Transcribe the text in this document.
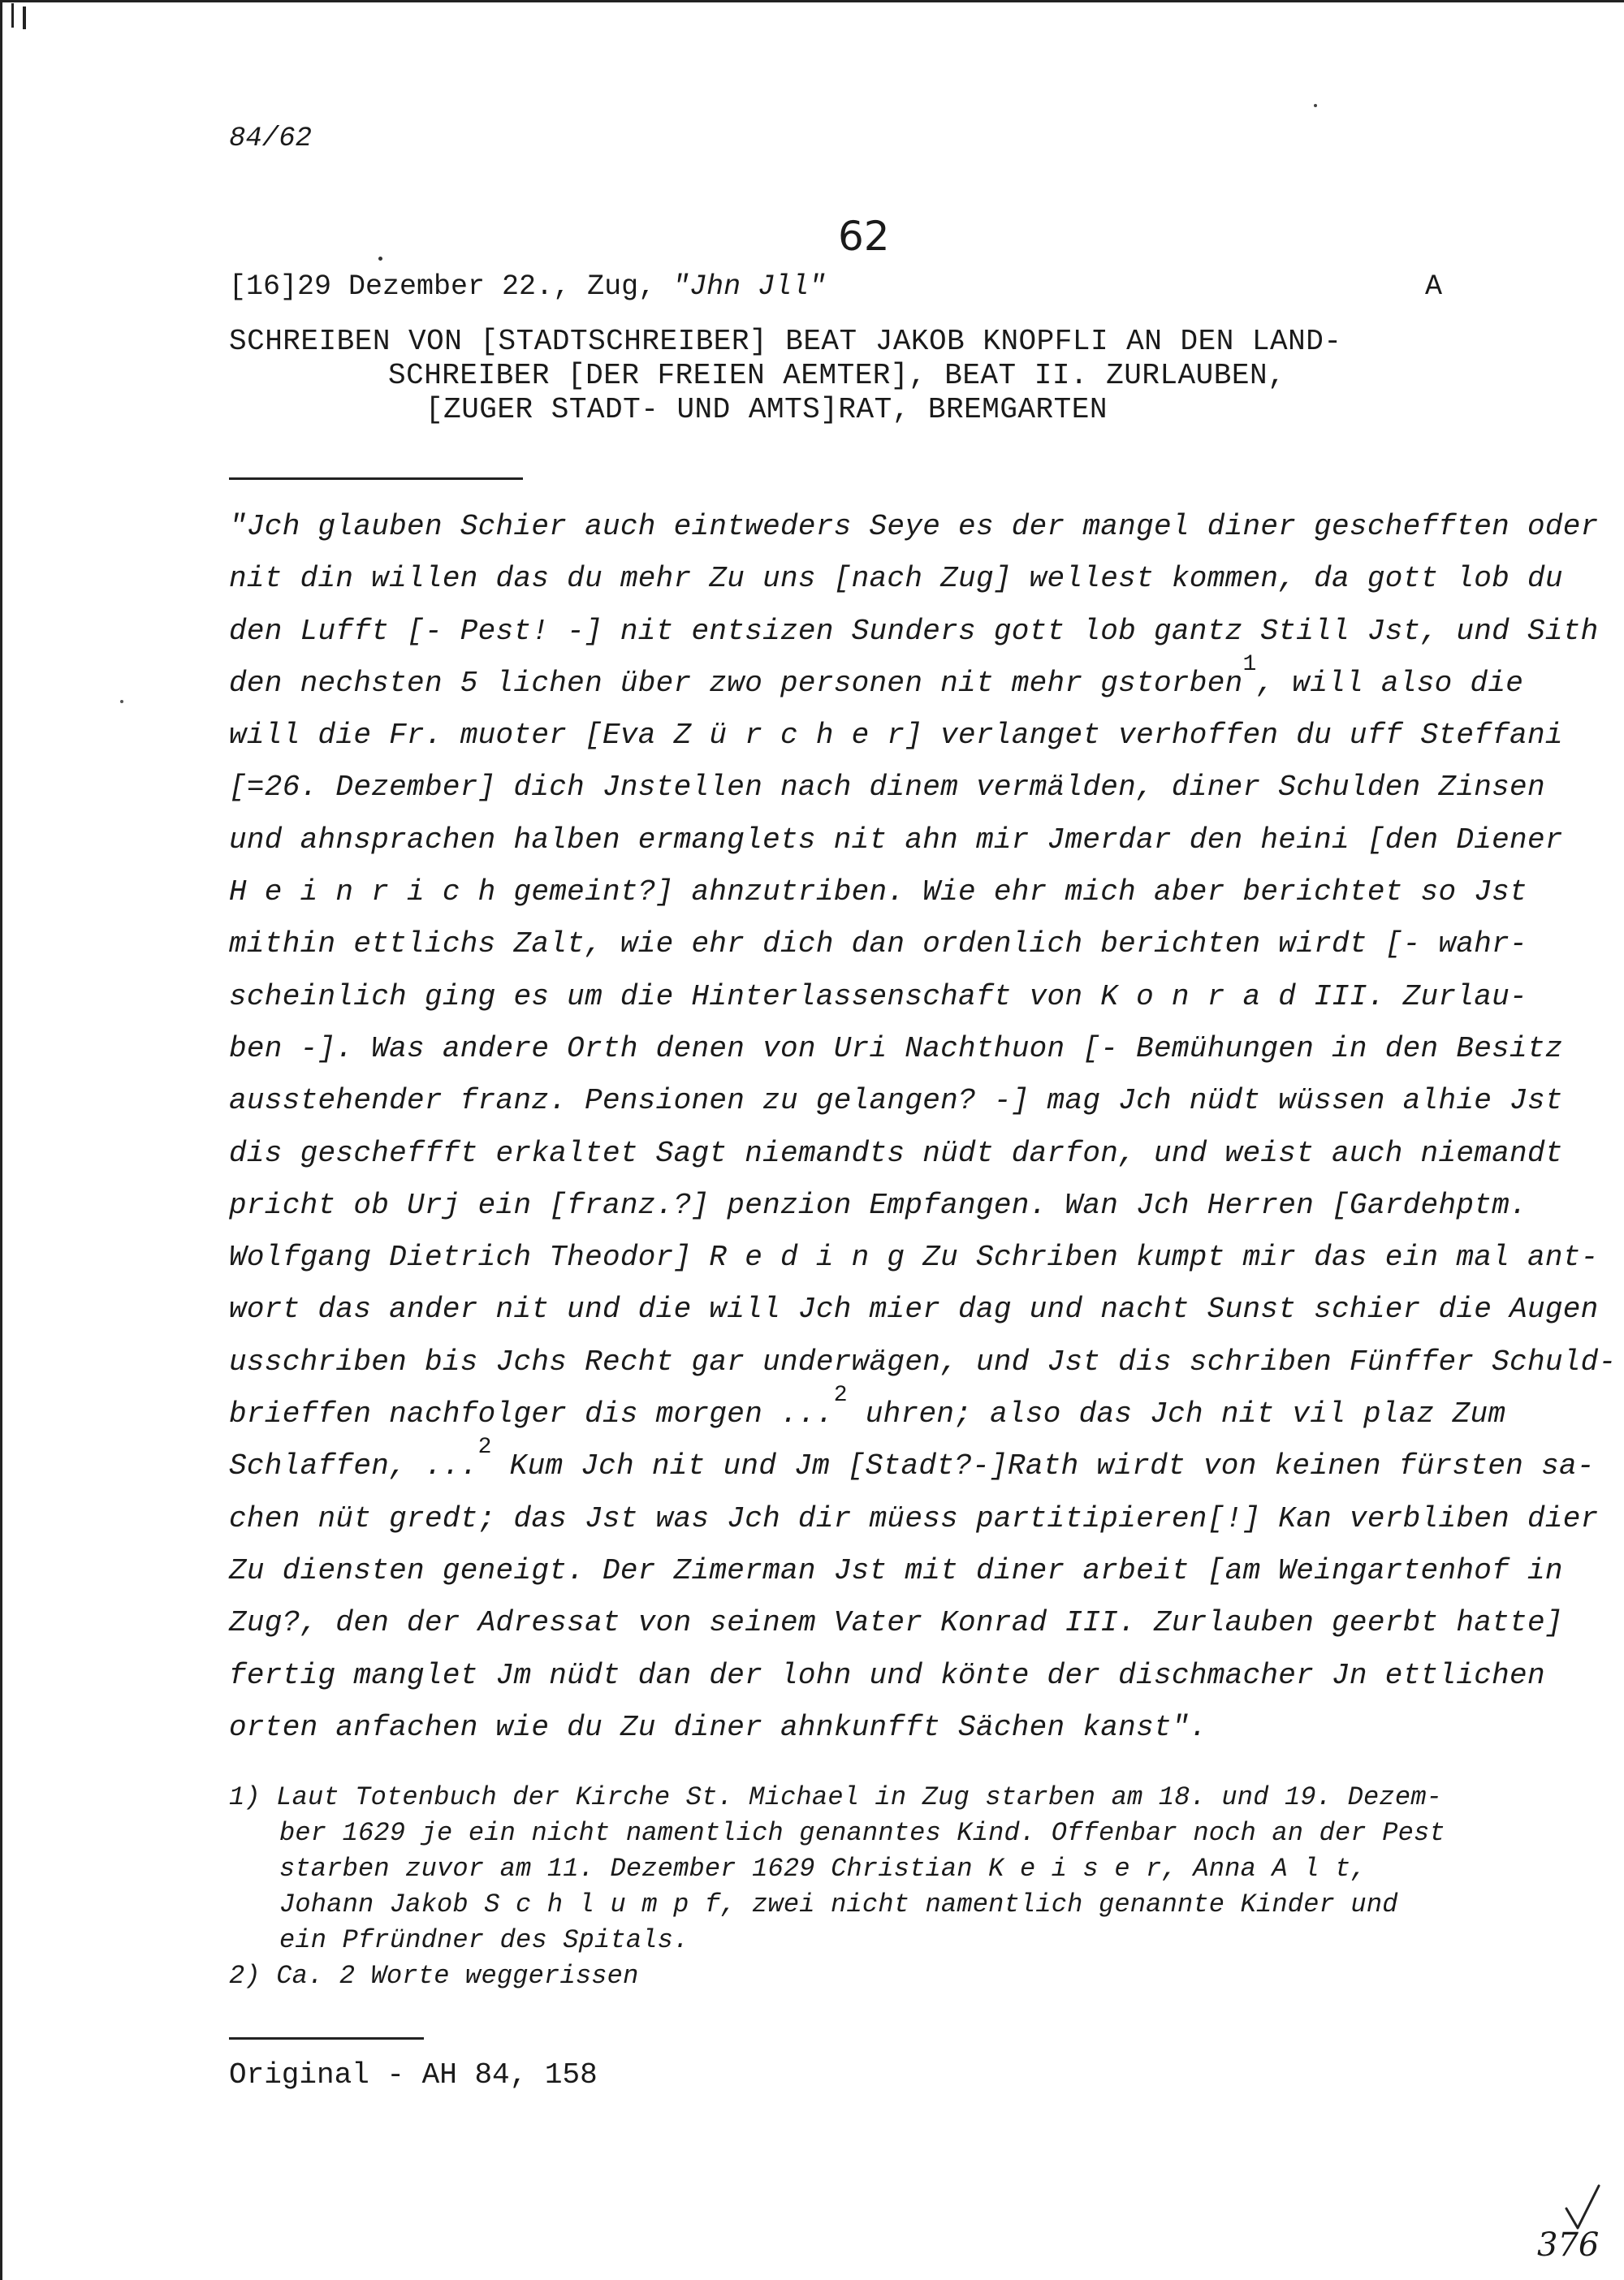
84/62
62
[16]29 Dezember 22., Zug, "Jhn Jll"	A
SCHREIBEN VON [STADTSCHREIBER] BEAT JAKOB KNOPFLI AN DEN LAND-
SCHREIBER [DER FREIEN AEMTER], BEAT II. ZURLAUBEN,
[ZUGER STADT- UND AMTS]RAT, BREMGARTEN
"Jch glauben Schier auch eintweders Seye es der mangel diner geschefften oder
nit din willen das du mehr Zu uns [nach Zug] wellest kommen, da gott lob du
den Lufft [- Pest! -] nit entsizen Sunders gott lob gantz Still Jst, und Sith
den nechsten 5 lichen über zwo personen nit mehr gstorben$^1$, will also die
will die Fr. muoter [Eva Z ü r c h e r] verlanget verhoffen du uff Steffani
[=26. Dezember] dich Jnstellen nach dinem vermälden, diner Schulden Zinsen
und ahnsprachen halben ermanglets nit ahn mir Jmerdar den heini [den Diener
H e i n r i c h gemeint?] ahnzutriben. Wie ehr mich aber berichtet so Jst
mithin ettlichs Zalt, wie ehr dich dan ordenlich berichten wirdt [- wahr-
scheinlich ging es um die Hinterlassenschaft von K o n r a d III. Zurlau-
ben -]. Was andere Orth denen von Uri Nachthuon [- Bemühungen in den Besitz
ausstehender franz. Pensionen zu gelangen? -] mag Jch nüdt wüssen alhie Jst
dis gescheffft erkaltet Sagt niemandts nüdt darfon, und weist auch niemandt
pricht ob Urj ein [franz.?] penzion Empfangen. Wan Jch Herren [Gardehptm.
Wolfgang Dietrich Theodor] R e d i n g Zu Schriben kumpt mir das ein mal ant-
wort das ander nit und die will Jch mier dag und nacht Sunst schier die Augen
usschriben bis Jchs Recht gar underwägen, und Jst dis schriben Fünffer Schuld-
brieffen nachfolger dis morgen ...$^2$ uhren; also das Jch nit vil plaz Zum
Schlaffen, ...$^2$ Kum Jch nit und Jm [Stadt?-]Rath wirdt von keinen fürsten sa-
chen nüt gredt; das Jst was Jch dir müess partitipieren[!] Kan verbliben dier
Zu diensten geneigt. Der Zimerman Jst mit diner arbeit [am Weingartenhof in
Zug?, den der Adressat von seinem Vater Konrad III. Zurlauben geerbt hatte]
fertig manglet Jm nüdt dan der lohn und könte der dischmacher Jn ettlichen
orten anfachen wie du Zu diner ahnkunfft Sächen kanst".
1) Laut Totenbuch der Kirche St. Michael in Zug starben am 18. und 19. Dezem-
ber 1629 je ein nicht namentlich genanntes Kind. Offenbar noch an der Pest
starben zuvor am 11. Dezember 1629 Christian K e i s e r, Anna A l t,
Johann Jakob S c h l u m p f, zwei nicht namentlich genannte Kinder und
ein Pfründner des Spitals.
2) Ca. 2 Worte weggerissen
Original - AH 84, 158
376
